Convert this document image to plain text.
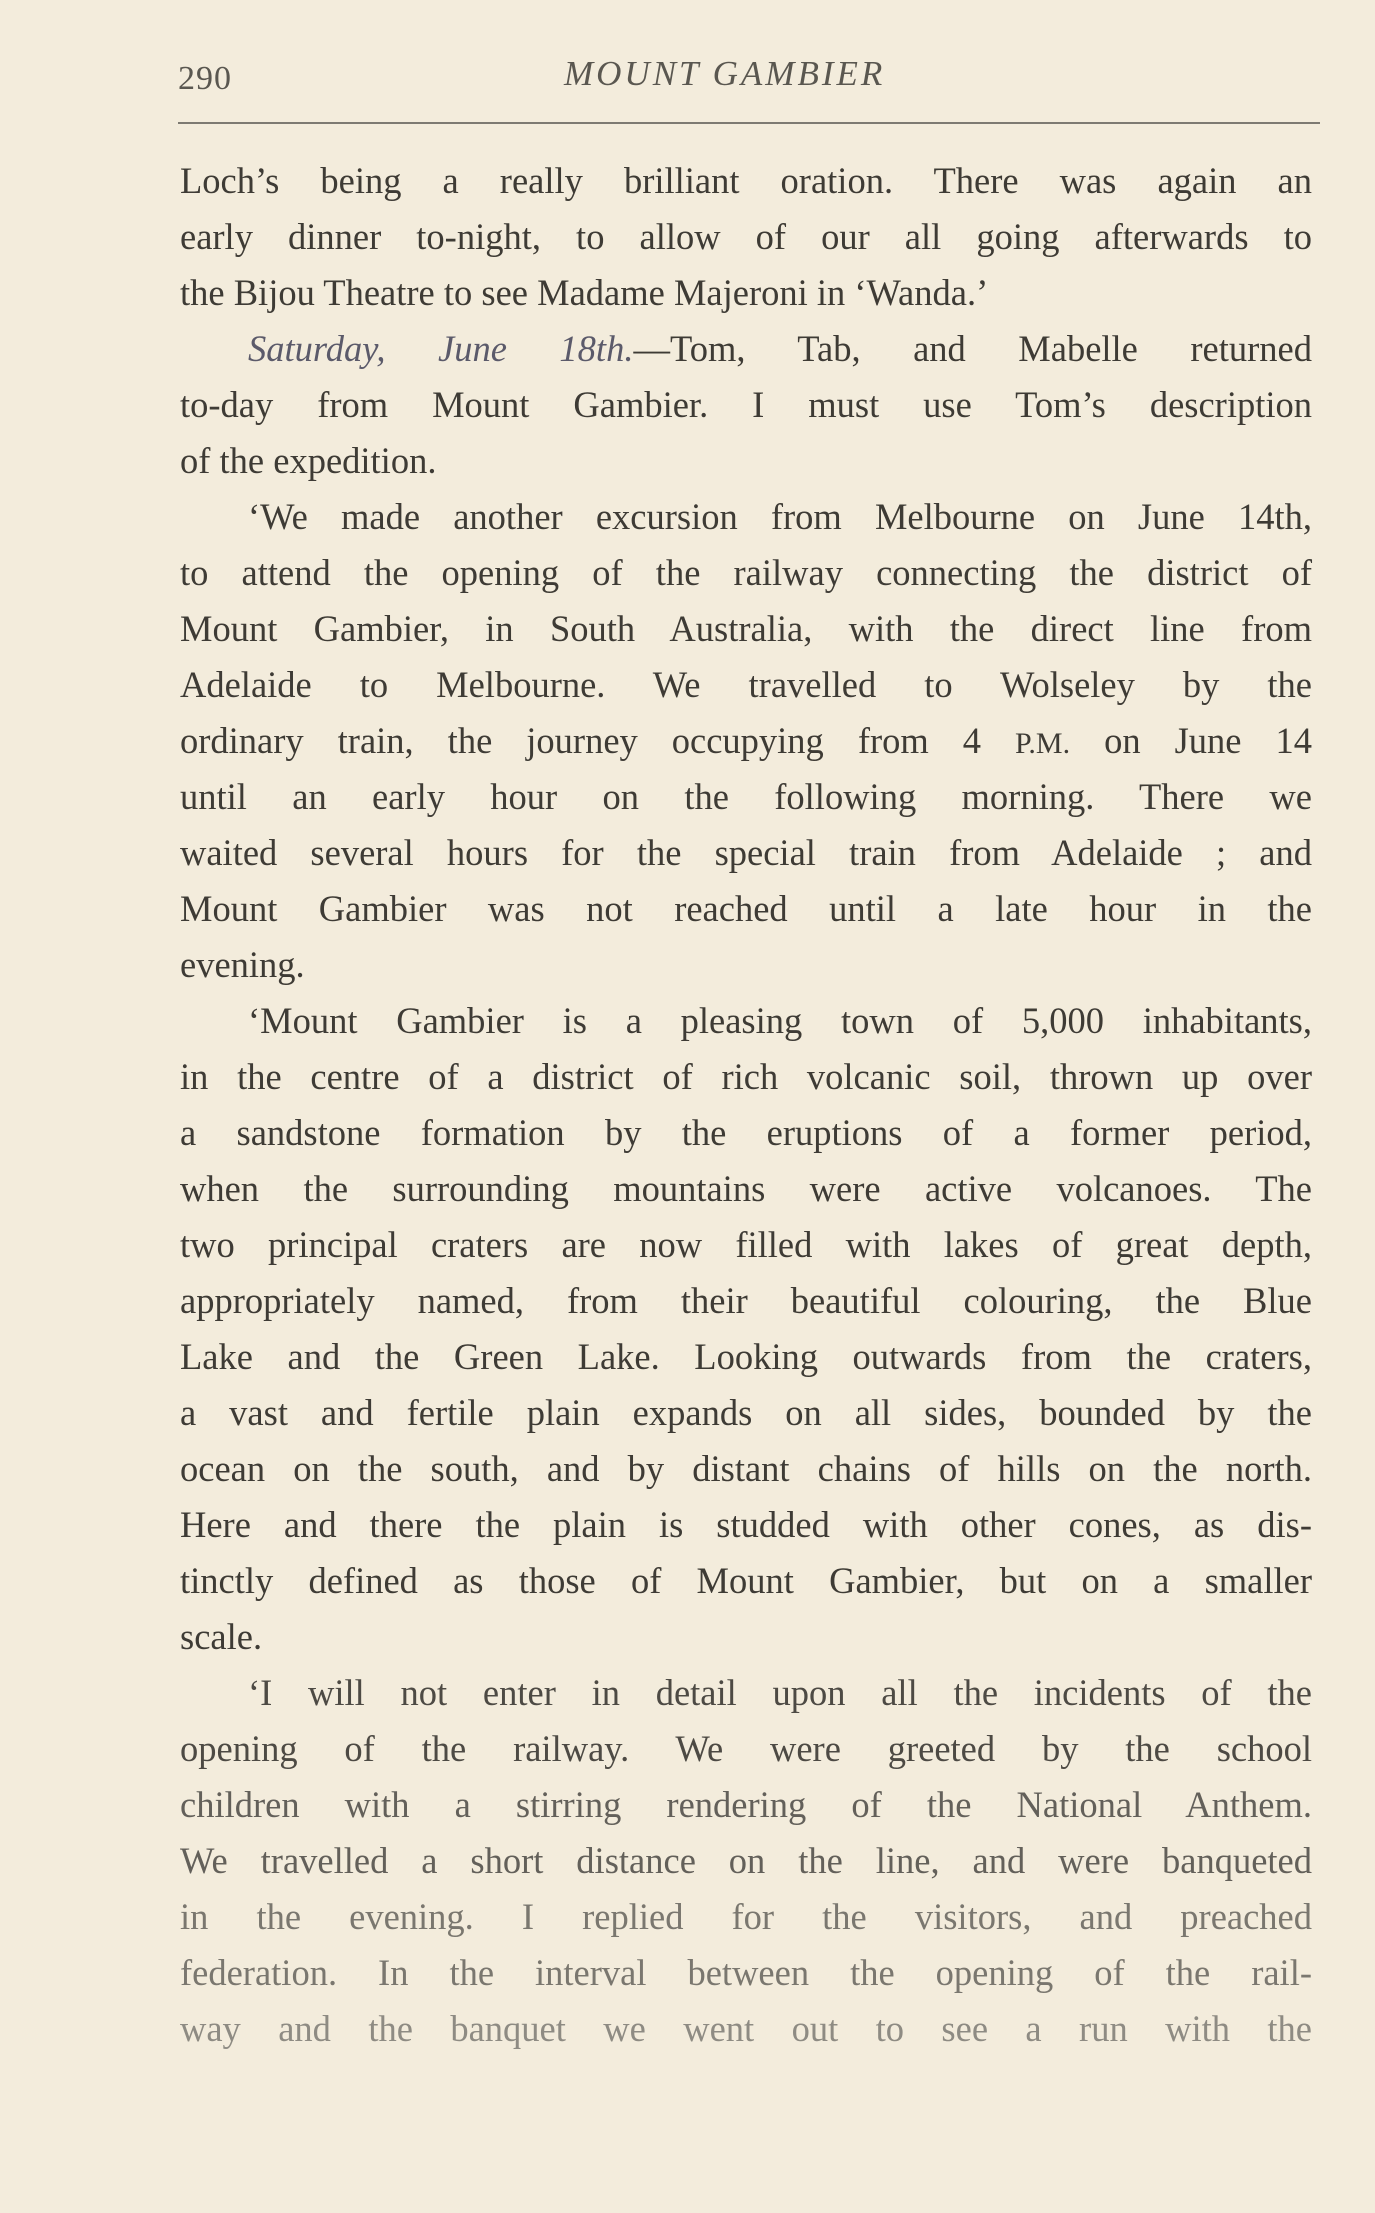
290	MOUNT GAMBIER
Loch’s being a really brilliant oration. There was again an
early dinner to-night, to allow of our all going afterwards to
the Bijou Theatre to see Madame Majeroni in ‘Wanda.’
Saturday, June 18th.—Tom, Tab, and Mabelle returned
to-day from Mount Gambier. I must use Tom’s description
of the expedition.
‘We made another excursion from Melbourne on June 14th,
to attend the opening of the railway connecting the district of
Mount Gambier, in South Australia, with the direct line from
Adelaide to Melbourne. We travelled to Wolseley by the
ordinary train, the journey occupying from 4 P.M. on June 14
until an early hour on the following morning. There we
waited several hours for the special train from Adelaide ; and
Mount Gambier was not reached until a late hour in the
evening.
‘Mount Gambier is a pleasing town of 5,000 inhabitants,
in the centre of a district of rich volcanic soil, thrown up over
a sandstone formation by the eruptions of a former period,
when the surrounding mountains were active volcanoes. The
two principal craters are now filled with lakes of great depth,
appropriately named, from their beautiful colouring, the Blue
Lake and the Green Lake. Looking outwards from the craters,
a vast and fertile plain expands on all sides, bounded by the
ocean on the south, and by distant chains of hills on the north.
Here and there the plain is studded with other cones, as dis-
tinctly defined as those of Mount Gambier, but on a smaller
scale.
‘I will not enter in detail upon all the incidents of the
opening of the railway. We were greeted by the school
children with a stirring rendering of the National Anthem.
We travelled a short distance on the line, and were banqueted
in the evening. I replied for the visitors, and preached
federation. In the interval between the opening of the rail-
way and the banquet we went out to see a run with the
